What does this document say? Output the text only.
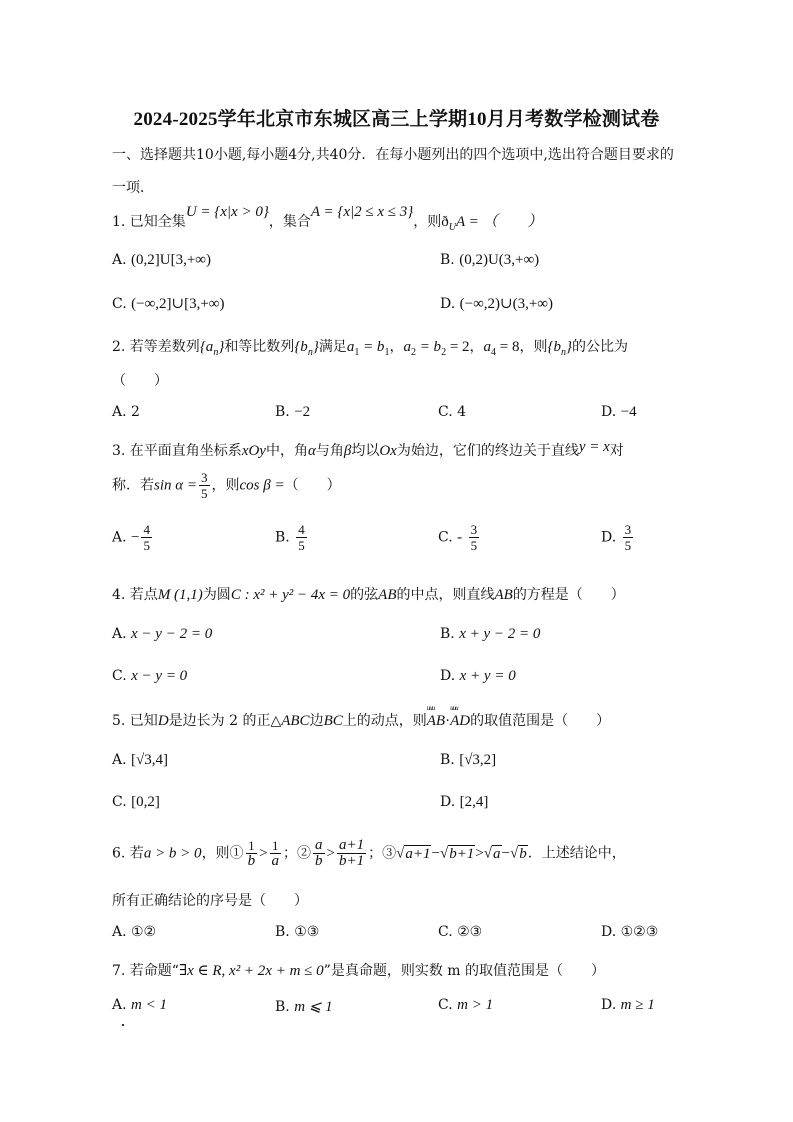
2024-2025学年北京市东城区高三上学期10月月考数学检测试卷
一、选择题共10小题,每小题4分,共40分．在每小题列出的四个选项中,选出符合题目要求的
一项．
1. 已知全集U = {x|x > 0}，集合A = {x|2 ≤ x ≤ 3}，则$ð_UA$ = （　　）
A. (0,2]U[3,+∞)	B. (0,2)U(3,+∞)
C. (−∞,2]∪[3,+∞)	D. (−∞,2)∪(3,+∞)
2. 若等差数列$\{a_n\}$和等比数列$\{b_n\}$满足$a_1 = b_1$，$a_2 = b_2 = 2$，$a_4 = 8$，则$\{b_n\}$的公比为
（　　）
A. 2	B. −2	C. 4	D. −4
3. 在平面直角坐标系xOy中，角α与角β均以Ox为始边，它们的终边关于直线y = x对
称．若$\sin \alpha = \frac{3}{5}$ ，则cos β =（　　）
A. − $\frac{4}{5}$	B. $\frac{4}{5}$	C. - $\frac{3}{5}$	D. $\frac{3}{5}$
4. 若点M (1,1)为圆C : x² + y² − 4x = 0的弦AB的中点，则直线AB的方程是（　　）
A. x − y − 2 = 0	B. x + y − 2 = 0
C. x − y = 0	D. x + y = 0
5. 已知D是边长为 2 的正△ABC边BC上的动点，则uuu AB·uuu AD的取值范围是（　　）
A. [√3,4]	B. [√3,2]
C. [0,2]	D. [2,4]
6. 若a > b > 0，则① $\frac{1}{b} > \frac{1}{a}$ ；② $\frac{a}{b} > \frac{a+1}{b+1}$ ；③√a+1−√b+1>√a−√b．上述结论中，
所有正确结论的序号是（　　）
A. ①②	B. ①③	C. ②③	D. ①②③
7. 若命题“∃x ∈ R, x² + 2x + m ≤ 0”是真命题，则实数 m 的取值范围是（　　）
A. m < 1	B. m ⩽ 1	C. m > 1	D. m ≥ 1
